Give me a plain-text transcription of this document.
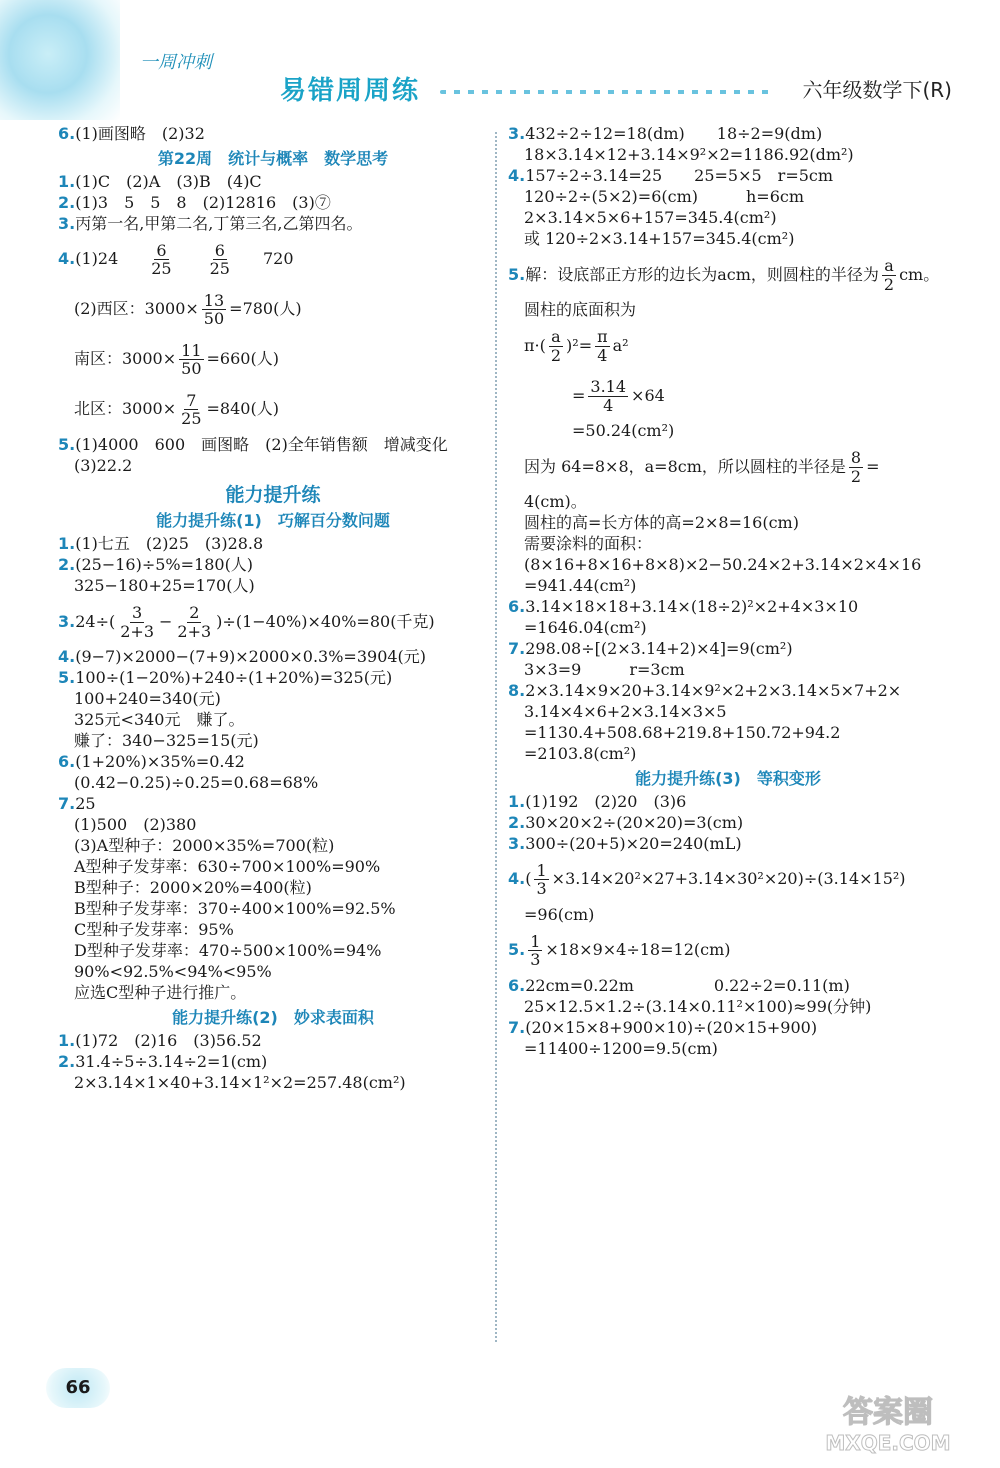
一周冲刺
易错周周练	六年级数学下(R)
6.(1)画图略　(2)32
第22周　统计与概率　数学思考
1.(1)C　(2)A　(3)B　(4)C
2.(1)3　5　5　8　(2)12816　(3)⑦
3.丙第一名,甲第二名,丁第三名,乙第四名。
4. $(1)24 \frac{6}{25} \frac{6}{25} 720$
(2)西区：$3000\times \frac{13}{50} =780$(人)
南区：$3000\times \frac{11}{50} =660$(人)
北区：$3000\times \frac{7}{25} =840$(人)
5.(1)4000　600　画图略　(2)全年销售额　增减变化
(3)22.2
能力提升练
能力提升练(1)　巧解百分数问题
1.(1)七五　(2)25　(3)28.8
2.(25−16)÷5%=180(人)
325−180+25=170(人)
3. $24\div( \frac{3}{2+3} - \frac{2}{2+3} )\div(1-40\%)\times 40\%=80$(千克)
4.(9−7)×2000−(7+9)×2000×0.3%=3904(元)
5.100÷(1−20%)+240÷(1+20%)=325(元)
100+240=340(元)
325元<340元　赚了。
赚了：340−325=15(元)
6.(1+20%)×35%=0.42
(0.42−0.25)÷0.25=0.68=68%
7.25
(1)500　(2)380
(3)A型种子：2000×35%=700(粒)
A型种子发芽率：630÷700×100%=90%
B型种子：2000×20%=400(粒)
B型种子发芽率：370÷400×100%=92.5%
C型种子发芽率：95%
D型种子发芽率：470÷500×100%=94%
90%<92.5%<94%<95%
应选C型种子进行推广。
能力提升练(2)　妙求表面积
1.(1)72　(2)16　(3)56.52
2.31.4÷5÷3.14÷2=1(cm)
2×3.14×1×40+3.14×1²×2=257.48(cm²)
3.432÷2÷12=18(dm)　　18÷2=9(dm)
18×3.14×12+3.14×9²×2=1186.92(dm²)
4.157÷2÷3.14=25　　25=5×5　r=5cm
120÷2÷(5×2)=6(cm)　　　h=6cm
2×3.14×5×6+157=345.4(cm²)
或 120÷2×3.14+157=345.4(cm²)
5. 解：设底部正方形的边长为acm，则圆柱的半径为 $\frac{a}{2}$ cm。
圆柱的底面积为
$\pi\cdot( \frac{a}{2} )^2= \frac{\pi}{4} a^2$
= $\frac{3.14}{4} \times 64$
=50.24(cm²)
因为 64=8×8，a=8cm，所以圆柱的半径是 $\frac{8}{2}$ =
4(cm)。
圆柱的高=长方体的高=2×8=16(cm)
需要涂料的面积：
(8×16+8×16+8×8)×2−50.24×2+3.14×2×4×16
=941.44(cm²)
6.3.14×18×18+3.14×(18÷2)²×2+4×3×10
=1646.04(cm²)
7.298.08÷[(2×3.14+2)×4]=9(cm²)
3×3=9　　　r=3cm
8.2×3.14×9×20+3.14×9²×2+2×3.14×5×7+2×
3.14×4×6+2×3.14×3×5
=1130.4+508.68+219.8+150.72+94.2
=2103.8(cm²)
能力提升练(3)　等积变形
1.(1)192　(2)20　(3)6
2.30×20×2÷(20×20)=3(cm)
3.300÷(20+5)×20=240(mL)
4. ( $\frac{1}{3} \times 3.14\times 20^2\times 27+3.14\times 30^2\times 20)\div(3.14\times 15^2)$
=96(cm)
5. $\frac{1}{3} \times 18\times 9\times 4\div 18=12(cm)$
6.22cm=0.22m　　　　　0.22÷2=0.11(m)
25×12.5×1.2÷(3.14×0.11²×100)≈99(分钟)
7.(20×15×8+900×10)÷(20×15+900)
=11400÷1200=9.5(cm)
66
答案圈
MXQE.COM
